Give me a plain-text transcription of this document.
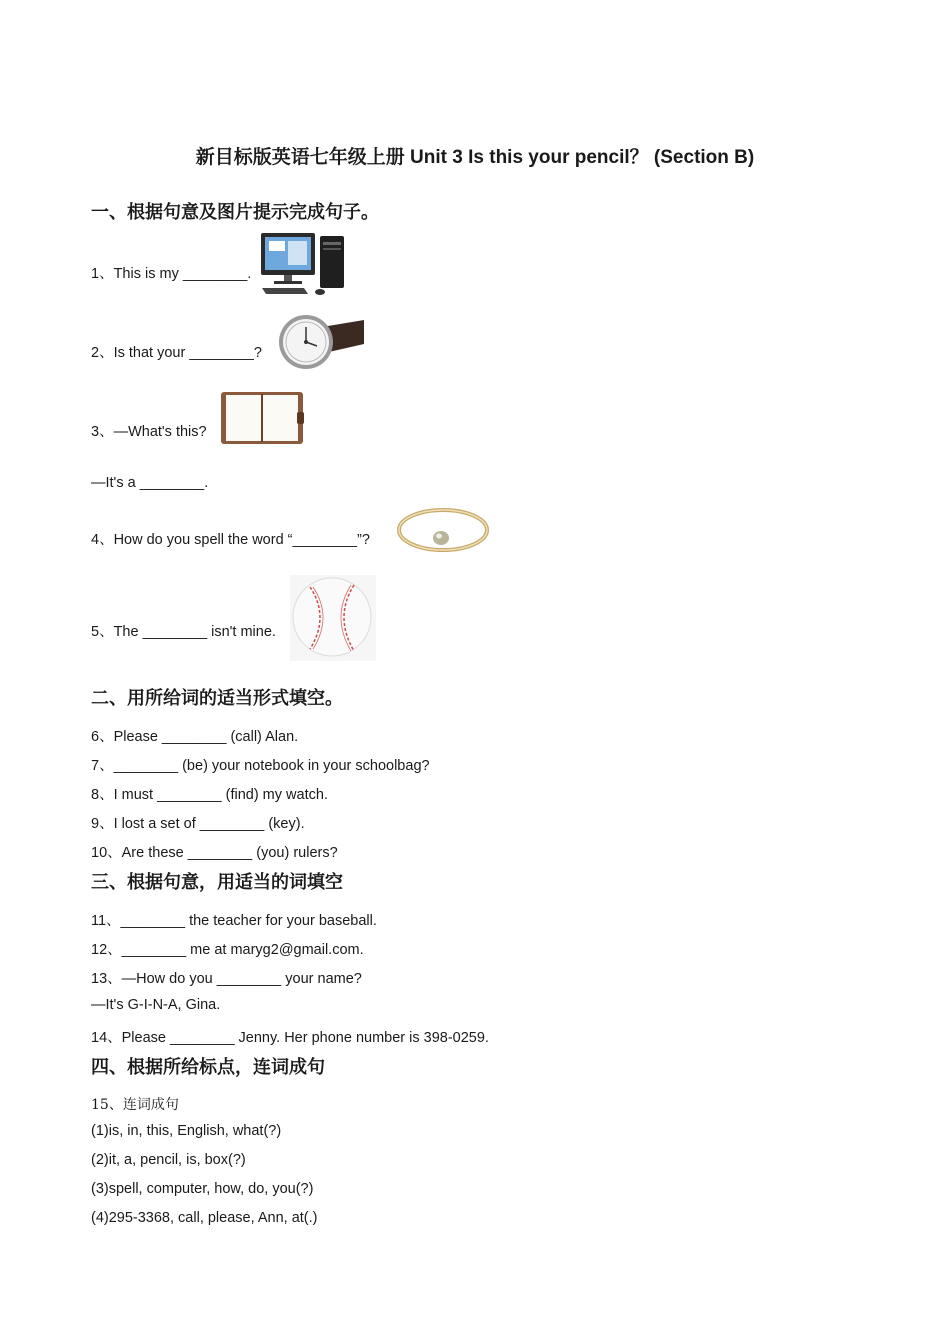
新目标版英语七年级上册 Unit 3 Is this your pencil？ (Section B)
一、根据句意及图片提示完成句子。
1、This is my ________.
2、Is that your ________?
3、—What's this?
—It's a ________.
4、How do you spell the word “________”?
5、The ________ isn't mine.
二、用所给词的适当形式填空。
6、Please ________ (call) Alan.
7、________ (be) your notebook in your schoolbag?
8、I must ________ (find) my watch.
9、I lost a set of ________ (key).
10、Are these ________ (you) rulers?
三、根据句意，用适当的词填空
11、________ the teacher for your baseball.
12、________ me at maryg2@gmail.com.
13、—How do you ________ your name?
—It's G-I-N-A, Gina.
14、Please ________ Jenny. Her phone number is 398-0259.
四、根据所给标点，连词成句
15、连词成句
(1)is, in, this, English, what(?)
(2)it, a, pencil, is, box(?)
(3)spell, computer, how, do, you(?)
(4)295-3368, call, please, Ann, at(.)
